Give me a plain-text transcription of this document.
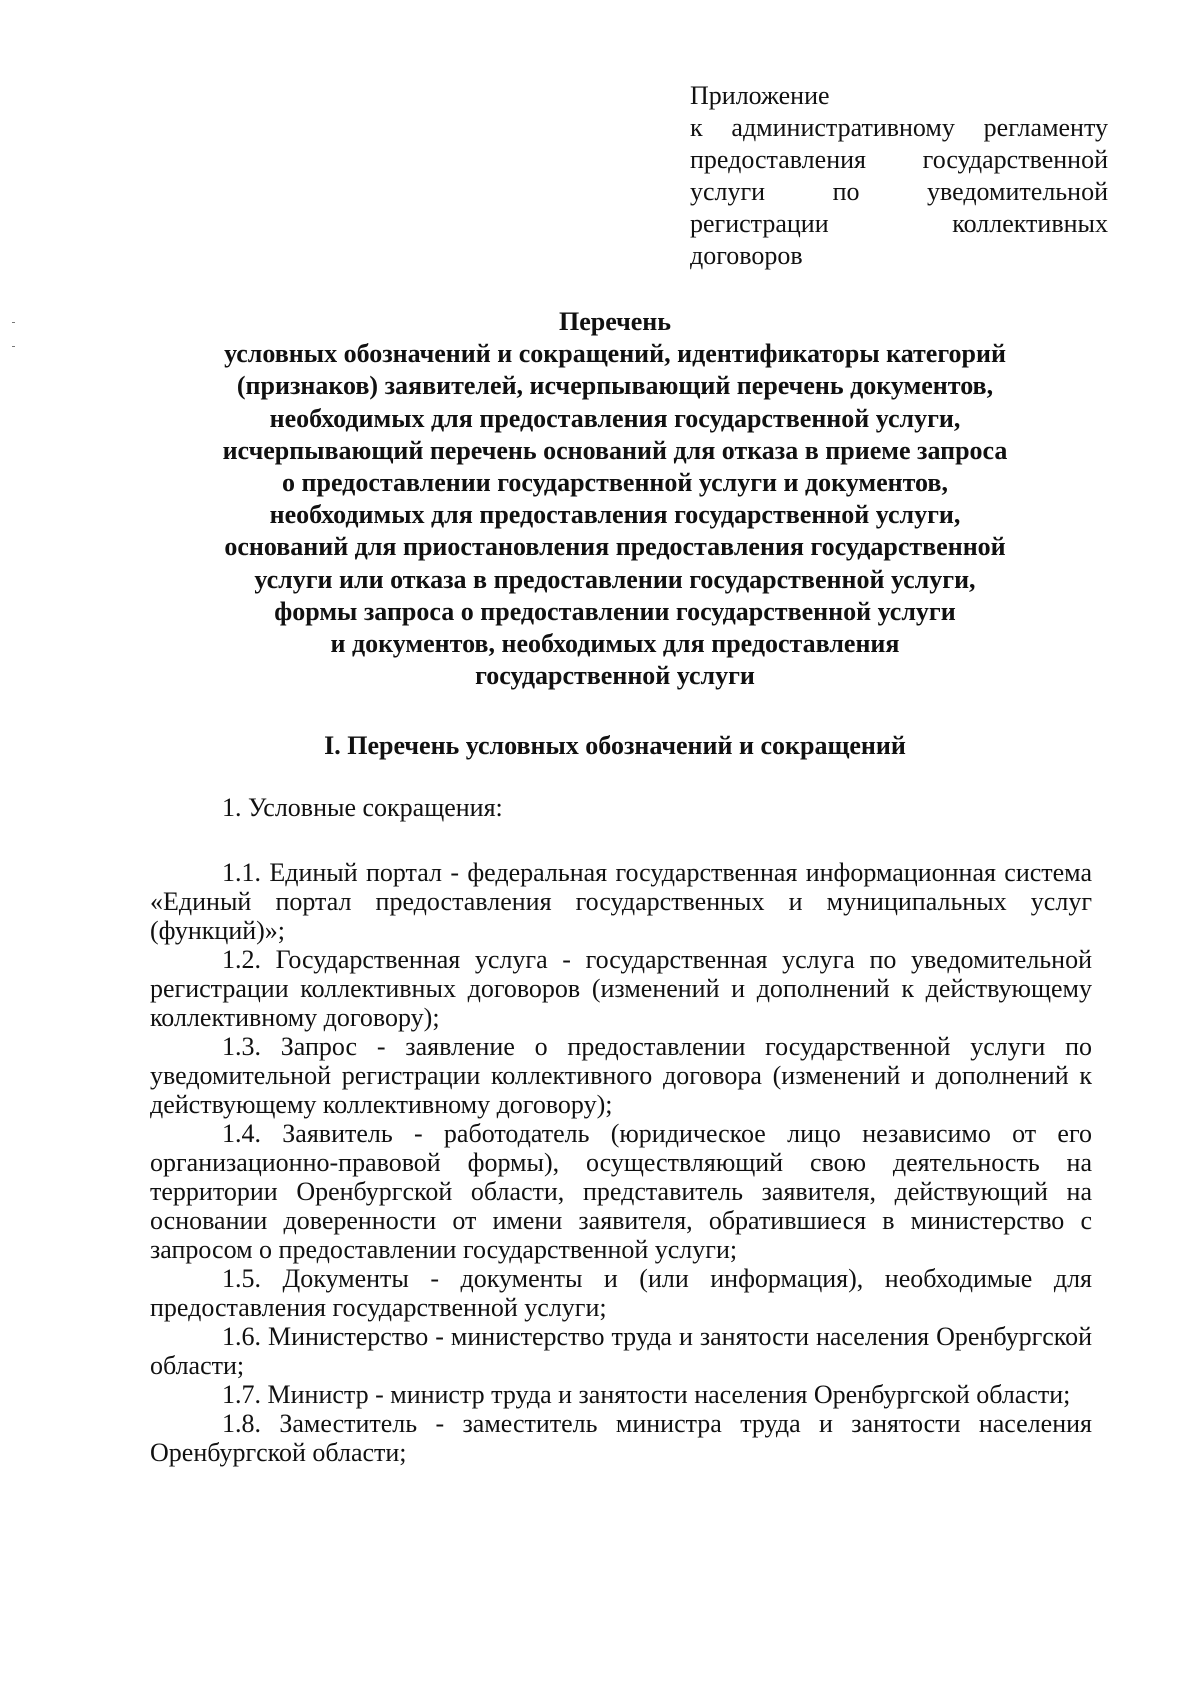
Приложение
к административному регламенту
предоставления государственной
услуги по уведомительной
регистрации коллективных
договоров
Перечень
условных обозначений и сокращений, идентификаторы категорий
(признаков) заявителей, исчерпывающий перечень документов,
необходимых для предоставления государственной услуги,
исчерпывающий перечень оснований для отказа в приеме запроса
о предоставлении государственной услуги и документов,
необходимых для предоставления государственной услуги,
оснований для приостановления предоставления государственной
услуги или отказа в предоставлении государственной услуги,
формы запроса о предоставлении государственной услуги
и документов, необходимых для предоставления
государственной услуги
I. Перечень условных обозначений и сокращений
1. Условные сокращения:

1.1. Единый портал - федеральная государственная информационная система «Единый портал предоставления государственных и муниципальных услуг (функций)»;

1.2. Государственная услуга - государственная услуга по уведомительной регистрации коллективных договоров (изменений и дополнений к действующему коллективному договору);

1.3. Запрос - заявление о предоставлении государственной услуги по уведомительной регистрации коллективного договора (изменений и дополнений к действующему коллективному договору);

1.4. Заявитель - работодатель (юридическое лицо независимо от его организационно-правовой формы), осуществляющий свою деятельность на территории Оренбургской области, представитель заявителя, действующий на основании доверенности от имени заявителя, обратившиеся в министерство с запросом о предоставлении государственной услуги;

1.5. Документы - документы и (или информация), необходимые для предоставления государственной услуги;

1.6. Министерство - министерство труда и занятости населения Оренбургской области;

1.7. Министр - министр труда и занятости населения Оренбургской области;

1.8. Заместитель - заместитель министра труда и занятости населения Оренбургской области;
